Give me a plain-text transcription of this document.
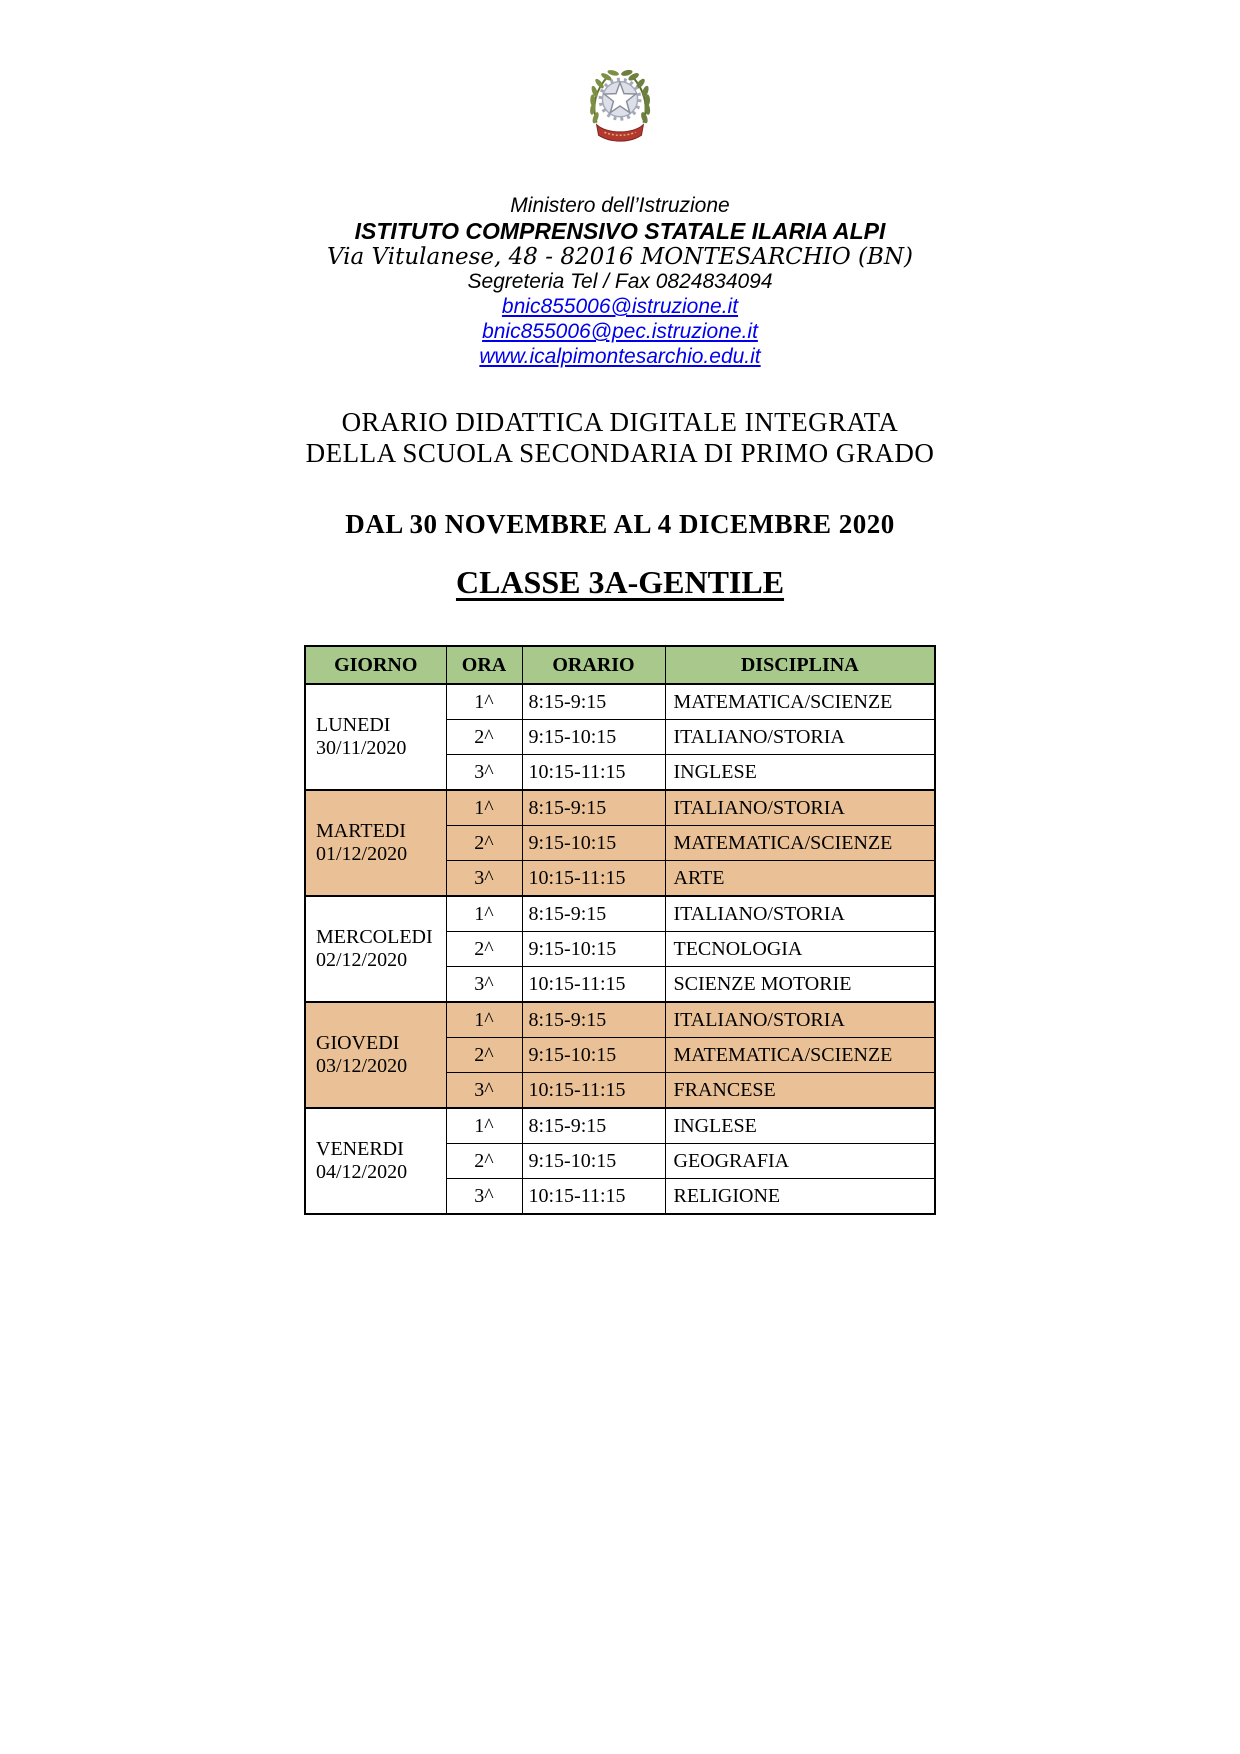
Ministero dell’Istruzione
ISTITUTO COMPRENSIVO STATALE ILARIA ALPI
Via Vitulanese, 48 - 82016 MONTESARCHIO (BN)
Segreteria Tel / Fax 0824834094
bnic855006@istruzione.it
bnic855006@pec.istruzione.it
www.icalpimontesarchio.edu.it
ORARIO DIDATTICA DIGITALE INTEGRATA
DELLA SCUOLA SECONDARIA DI PRIMO GRADO
DAL 30 NOVEMBRE AL 4 DICEMBRE 2020
CLASSE 3A-GENTILE
GIORNO	ORA	ORARIO	DISCIPLINA

LUNEDI
30/11/2020	1^	8:15-9:15	MATEMATICA/SCIENZE
	2^	9:15-10:15	ITALIANO/STORIA
	3^	10:15-11:15	INGLESE

MARTEDI
01/12/2020	1^	8:15-9:15	ITALIANO/STORIA
	2^	9:15-10:15	MATEMATICA/SCIENZE
	3^	10:15-11:15	ARTE

MERCOLEDI
02/12/2020	1^	8:15-9:15	ITALIANO/STORIA
	2^	9:15-10:15	TECNOLOGIA
	3^	10:15-11:15	SCIENZE MOTORIE

GIOVEDI
03/12/2020	1^	8:15-9:15	ITALIANO/STORIA
	2^	9:15-10:15	MATEMATICA/SCIENZE
	3^	10:15-11:15	FRANCESE

VENERDI
04/12/2020	1^	8:15-9:15	INGLESE
	2^	9:15-10:15	GEOGRAFIA
	3^	10:15-11:15	RELIGIONE
